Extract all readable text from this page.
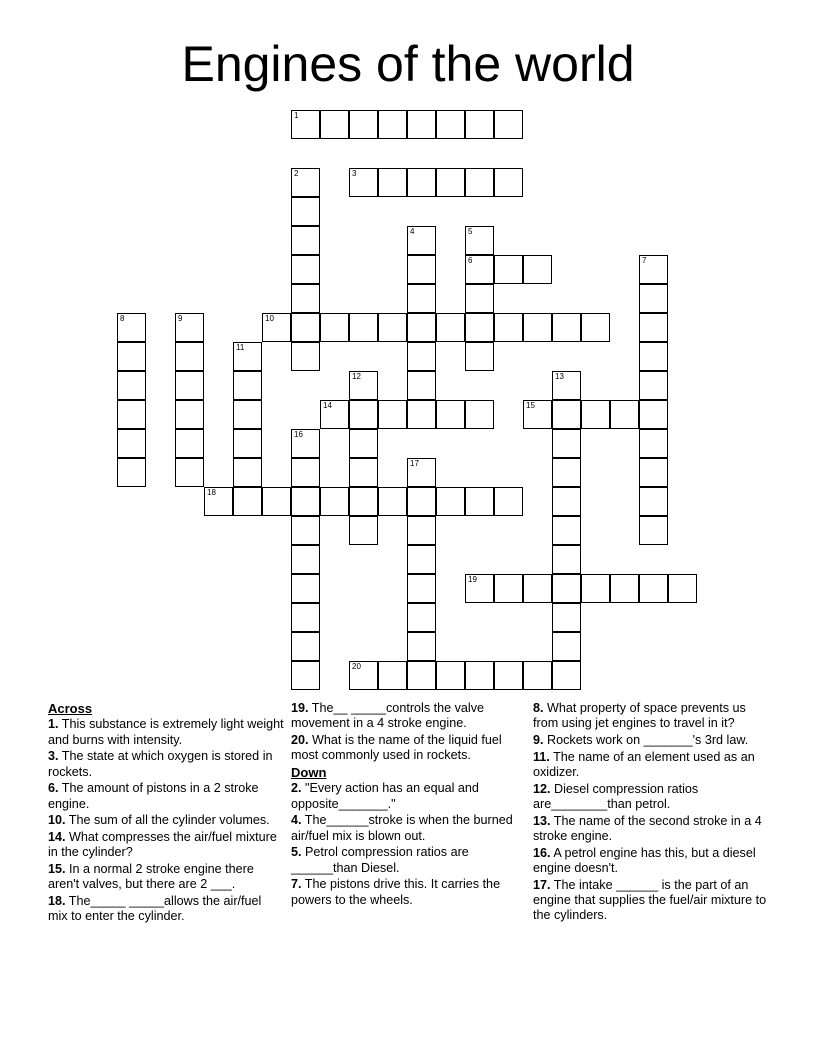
Engines of the world
1
2	3
4	5
6	7
8	9	10
11
12	13
14	15
16
17
18
19
20
Across
1. This substance is extremely light weight and burns with intensity.
3. The state at which oxygen is stored in rockets.
6. The amount of pistons in a 2 stroke engine.
10. The sum of all the cylinder volumes.
14. What compresses the air/fuel mixture in the cylinder?
15. In a normal 2 stroke engine there aren't valves, but there are 2 ___.
18. The_____ _____allows the air/fuel mix to enter the cylinder.
19. The__ _____controls the valve movement in a 4 stroke engine.
20. What is the name of the liquid fuel most commonly used in rockets.
Down
2. "Every action has an equal and opposite_______."
4. The______stroke is when the burned air/fuel mix is blown out.
5. Petrol compression ratios are ______than Diesel.
7. The pistons drive this. It carries the powers to the wheels.
8. What property of space prevents us from using jet engines to travel in it?
9. Rockets work on _______'s 3rd law.
11. The name of an element used as an oxidizer.
12. Diesel compression ratios are________than petrol.
13. The name of the second stroke in a 4 stroke engine.
16. A petrol engine has this, but a diesel engine doesn't.
17. The intake ______ is the part of an engine that supplies the fuel/air mixture to the cylinders.
